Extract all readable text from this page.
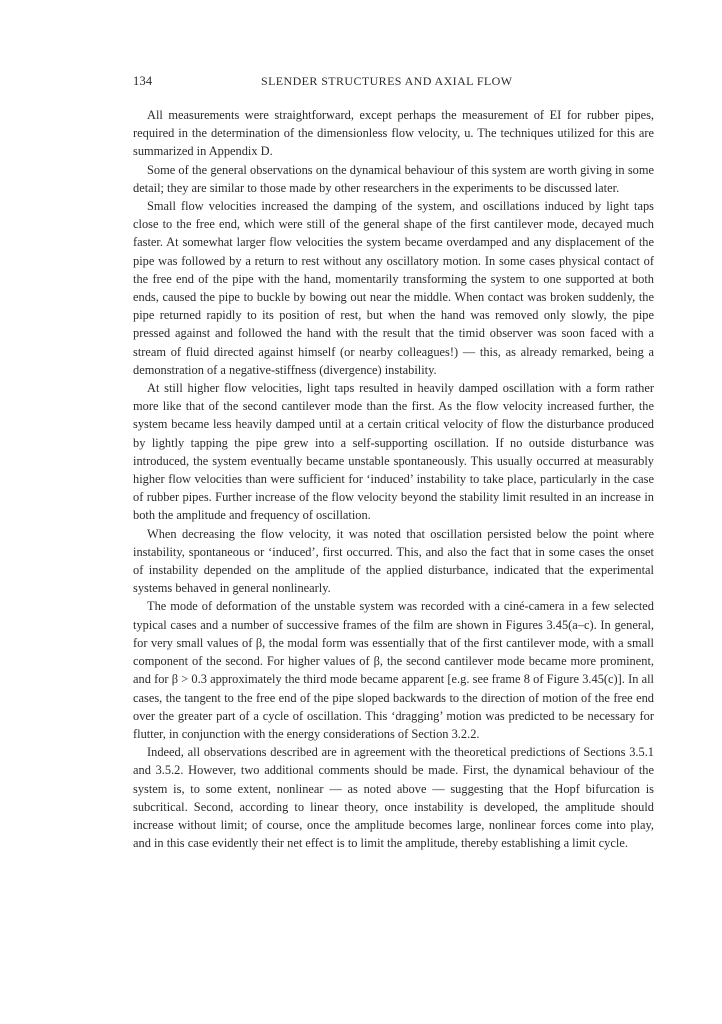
134	SLENDER STRUCTURES AND AXIAL FLOW

All measurements were straightforward, except perhaps the measurement of EI for rubber pipes, required in the determination of the dimensionless flow velocity, u. The techniques utilized for this are summarized in Appendix D.

Some of the general observations on the dynamical behaviour of this system are worth giving in some detail; they are similar to those made by other researchers in the experiments to be discussed later.

Small flow velocities increased the damping of the system, and oscillations induced by light taps close to the free end, which were still of the general shape of the first cantilever mode, decayed much faster. At somewhat larger flow velocities the system became overdamped and any displacement of the pipe was followed by a return to rest without any oscillatory motion. In some cases physical contact of the free end of the pipe with the hand, momentarily transforming the system to one supported at both ends, caused the pipe to buckle by bowing out near the middle. When contact was broken suddenly, the pipe returned rapidly to its position of rest, but when the hand was removed only slowly, the pipe pressed against and followed the hand with the result that the timid observer was soon faced with a stream of fluid directed against himself (or nearby colleagues!) — this, as already remarked, being a demonstration of a negative-stiffness (divergence) instability.

At still higher flow velocities, light taps resulted in heavily damped oscillation with a form rather more like that of the second cantilever mode than the first. As the flow velocity increased further, the system became less heavily damped until at a certain critical velocity of flow the disturbance produced by lightly tapping the pipe grew into a self-supporting oscillation. If no outside disturbance was introduced, the system eventually became unstable spontaneously. This usually occurred at measurably higher flow velocities than were sufficient for ‘induced’ instability to take place, particularly in the case of rubber pipes. Further increase of the flow velocity beyond the stability limit resulted in an increase in both the amplitude and frequency of oscillation.

When decreasing the flow velocity, it was noted that oscillation persisted below the point where instability, spontaneous or ‘induced’, first occurred. This, and also the fact that in some cases the onset of instability depended on the amplitude of the applied disturbance, indicated that the experimental systems behaved in general nonlinearly.

The mode of deformation of the unstable system was recorded with a ciné-camera in a few selected typical cases and a number of successive frames of the film are shown in Figures 3.45(a–c). In general, for very small values of β, the modal form was essentially that of the first cantilever mode, with a small component of the second. For higher values of β, the second cantilever mode became more prominent, and for β > 0.3 approximately the third mode became apparent [e.g. see frame 8 of Figure 3.45(c)]. In all cases, the tangent to the free end of the pipe sloped backwards to the direction of motion of the free end over the greater part of a cycle of oscillation. This ‘dragging’ motion was predicted to be necessary for flutter, in conjunction with the energy considerations of Section 3.2.2.

Indeed, all observations described are in agreement with the theoretical predictions of Sections 3.5.1 and 3.5.2. However, two additional comments should be made. First, the dynamical behaviour of the system is, to some extent, nonlinear — as noted above — suggesting that the Hopf bifurcation is subcritical. Second, according to linear theory, once instability is developed, the amplitude should increase without limit; of course, once the amplitude becomes large, nonlinear forces come into play, and in this case evidently their net effect is to limit the amplitude, thereby establishing a limit cycle.
